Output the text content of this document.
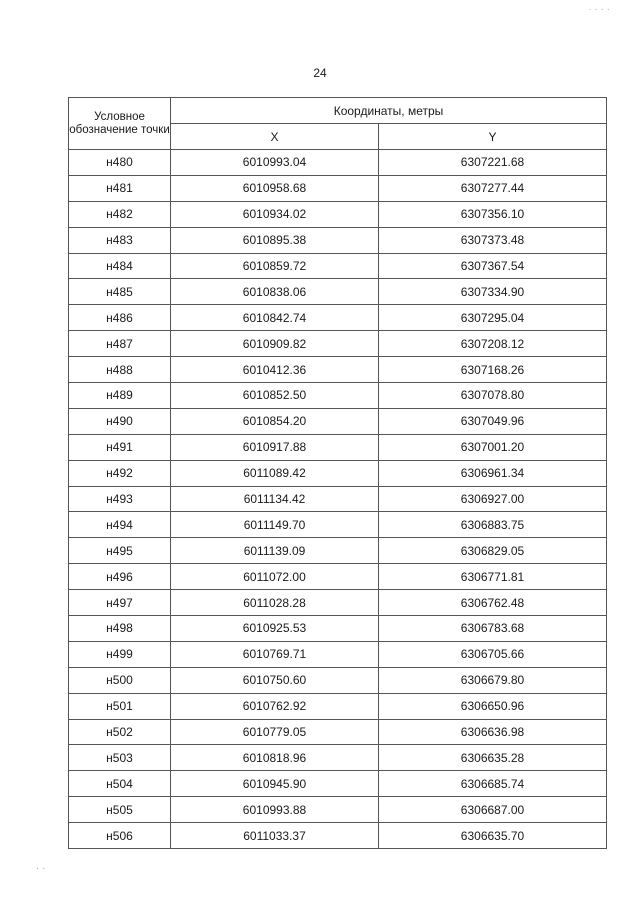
· · · ·
24
Условное обозначение точки	Координаты, метры	
	X	Y
н480	6010993.04	6307221.68
н481	6010958.68	6307277.44
н482	6010934.02	6307356.10
н483	6010895.38	6307373.48
н484	6010859.72	6307367.54
н485	6010838.06	6307334.90
н486	6010842.74	6307295.04
н487	6010909.82	6307208.12
н488	6010412.36	6307168.26
н489	6010852.50	6307078.80
н490	6010854.20	6307049.96
н491	6010917.88	6307001.20
н492	6011089.42	6306961.34
н493	6011134.42	6306927.00
н494	6011149.70	6306883.75
н495	6011139.09	6306829.05
н496	6011072.00	6306771.81
н497	6011028.28	6306762.48
н498	6010925.53	6306783.68
н499	6010769.71	6306705.66
н500	6010750.60	6306679.80
н501	6010762.92	6306650.96
н502	6010779.05	6306636.98
н503	6010818.96	6306635.28
н504	6010945.90	6306685.74
н505	6010993.88	6306687.00
н506	6011033.37	6306635.70
· ·
